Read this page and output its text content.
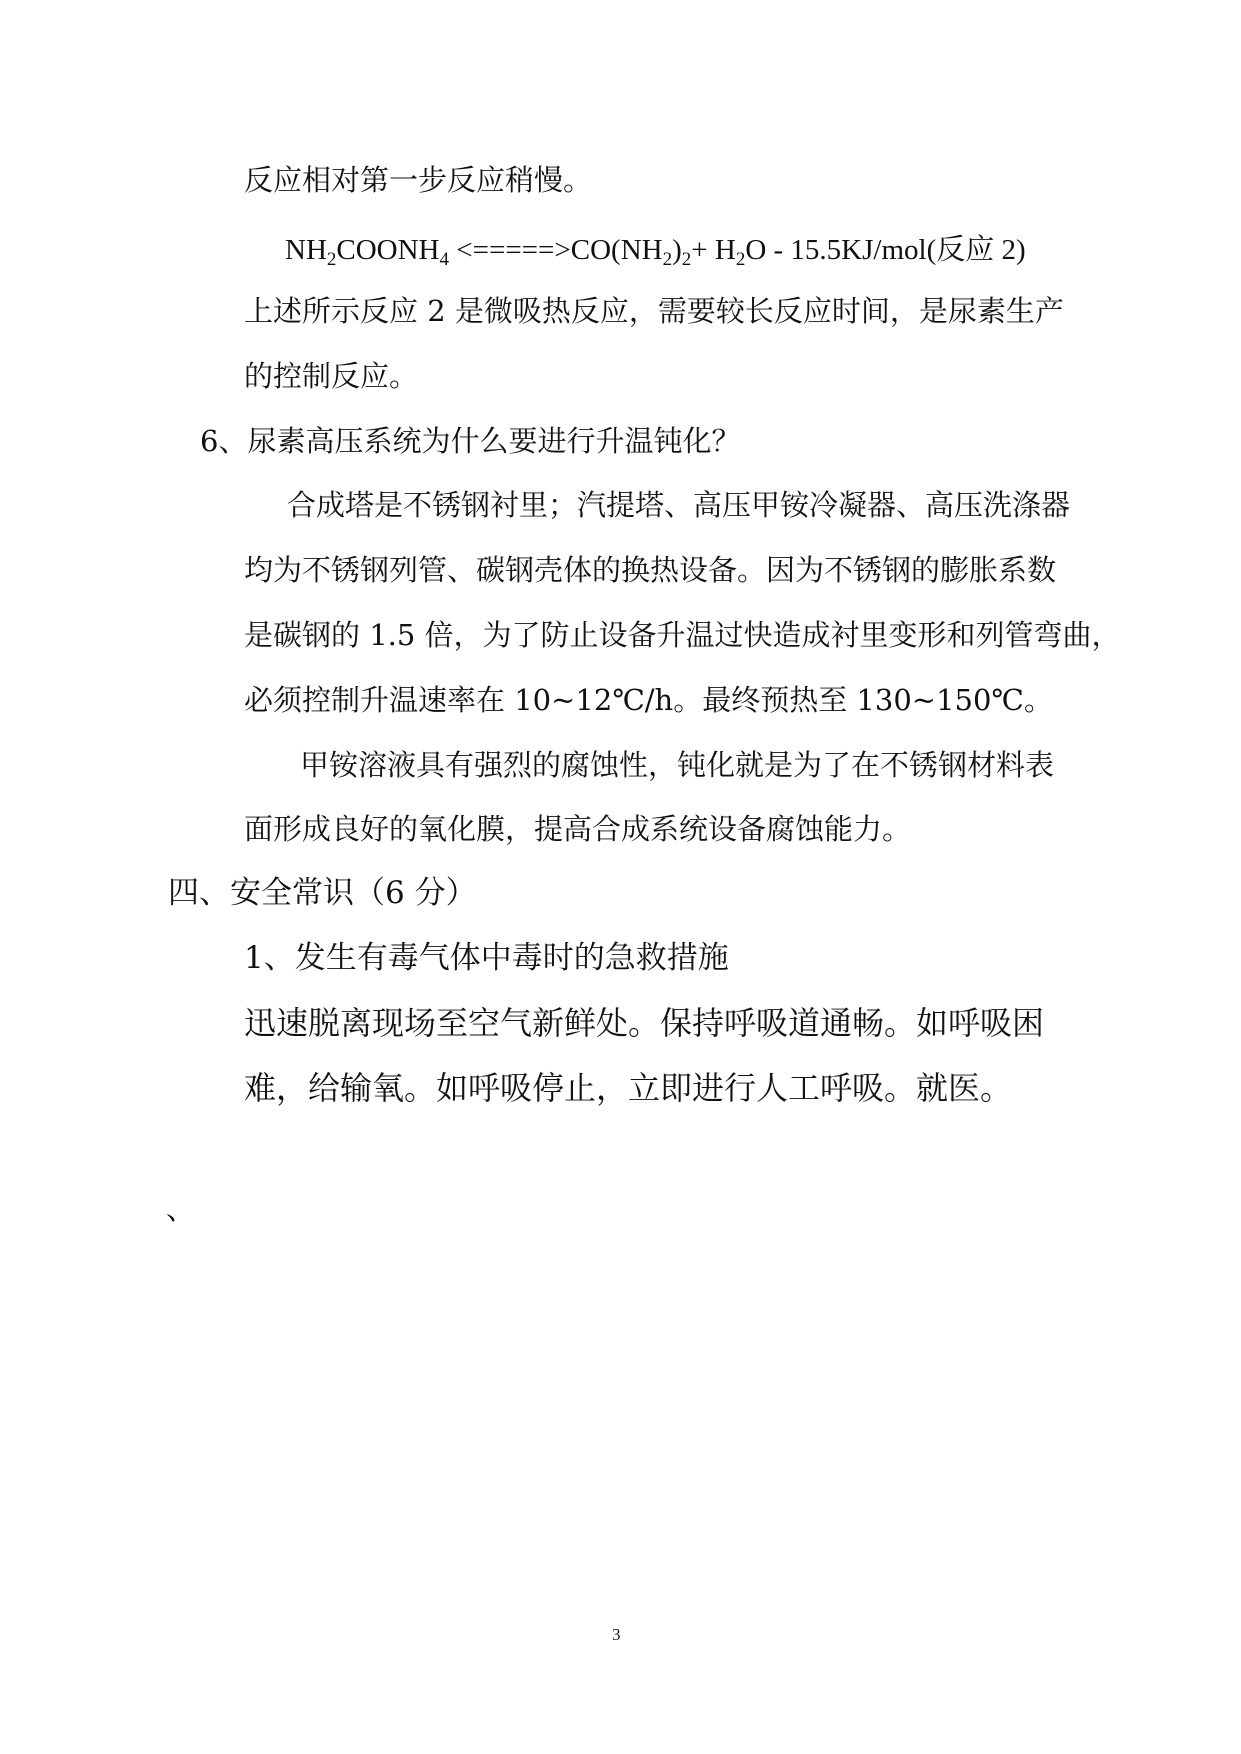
反应相对第一步反应稍慢。
$NH_2COONH_4 <=====>CO(NH_2)_2+ H_2O - 15.5KJ/mol$(反应 2)
上述所示反应 2 是微吸热反应，需要较长反应时间，是尿素生产
的控制反应。
6、尿素高压系统为什么要进行升温钝化？
合成塔是不锈钢衬里；汽提塔、高压甲铵冷凝器、高压洗涤器
均为不锈钢列管、碳钢壳体的换热设备。因为不锈钢的膨胀系数
是碳钢的 1.5 倍，为了防止设备升温过快造成衬里变形和列管弯曲，
必须控制升温速率在 10~12℃/h。最终预热至 130~150℃。
甲铵溶液具有强烈的腐蚀性，钝化就是为了在不锈钢材料表
面形成良好的氧化膜，提高合成系统设备腐蚀能力。
四、安全常识（6 分）
1、发生有毒气体中毒时的急救措施
迅速脱离现场至空气新鲜处。保持呼吸道通畅。如呼吸困
难，给输氧。如呼吸停止，立即进行人工呼吸。就医。
、
3
